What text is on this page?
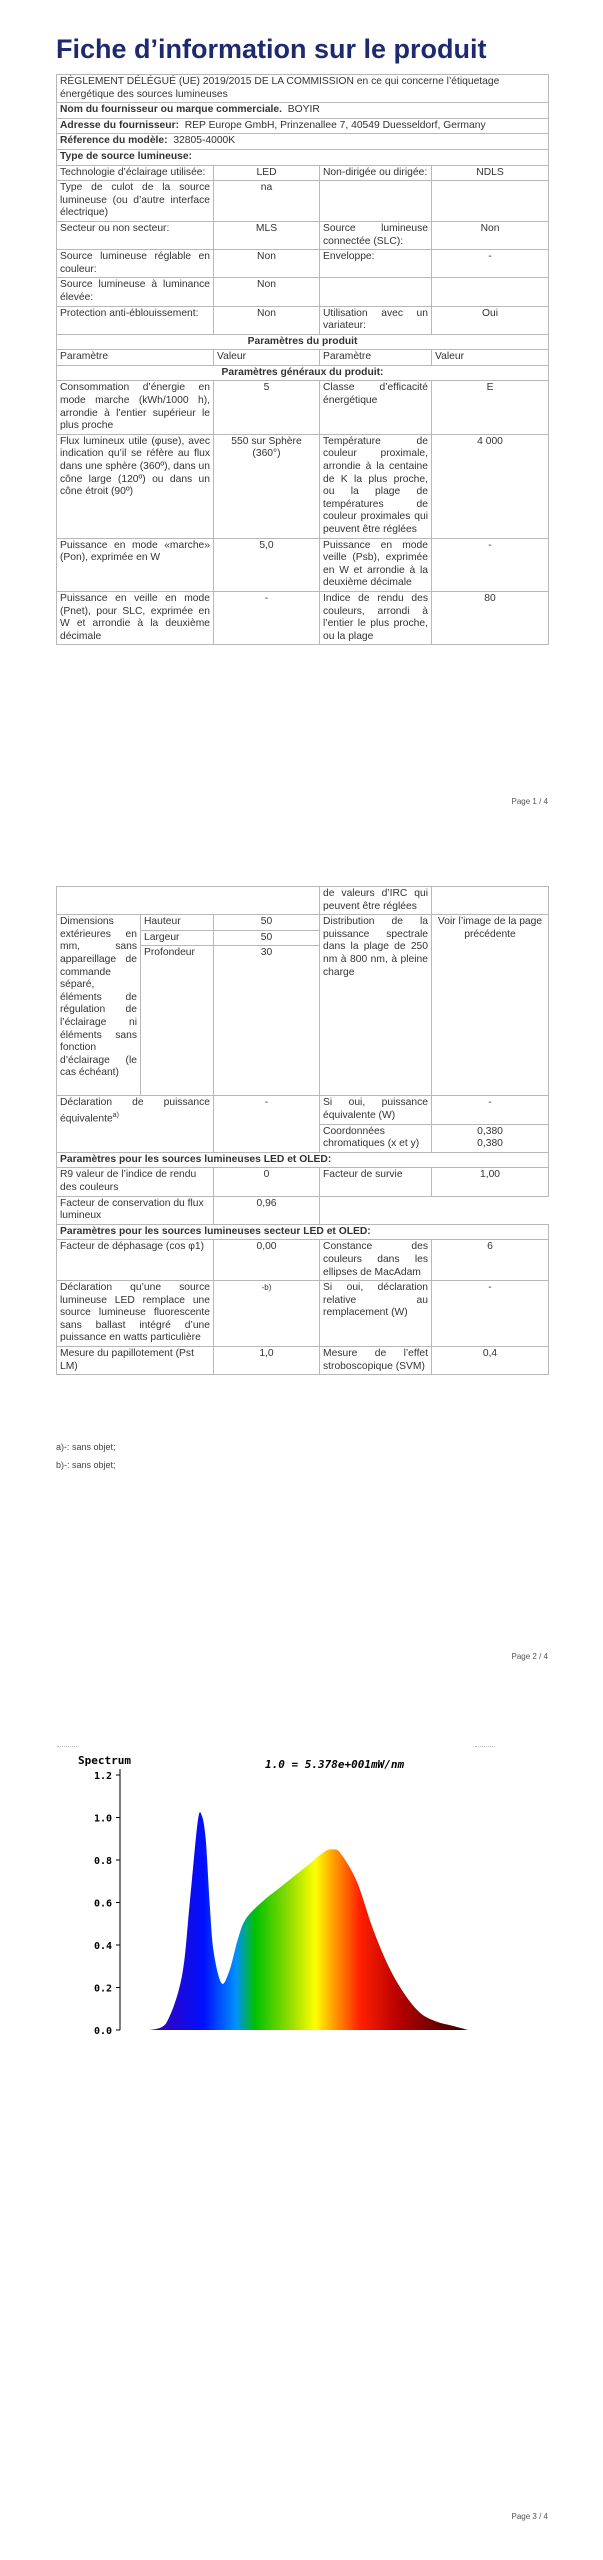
Fiche d’information sur le produit
RÈGLEMENT DÉLÉGUÉ (UE) 2019/2015 DE LA COMMISSION en ce qui concerne l’étiquetage énergétique des sources lumineuses			
Nom du fournisseur ou marque commerciale. BOYIR			
Adresse du fournisseur: REP Europe GmbH, Prinzenallee 7, 40549 Duesseldorf, Germany			
Réference du modèle: 32805-4000K			
Type de source lumineuse:			
Technologie d’éclairage utilisée:	LED	Non-dirigée ou dirigée:	NDLS
Type de culot de la source lumineuse (ou d’autre interface électrique)	na		
Secteur ou non secteur:	MLS	Source lumineuse connectée (SLC):	Non
Source lumineuse réglable en couleur:	Non	Enveloppe:	-
Source lumineuse à luminance élevée:	Non		
Protection anti-éblouissement:	Non	Utilisation avec un variateur:	Oui
Paramètres du produit			
Paramètre	Valeur	Paramètre	Valeur
Paramètres généraux du produit:			
Consommation d’énergie en mode marche (kWh/1000 h), arrondie à l’entier supérieur le plus proche	5	Classe d’efficacité énergétique	E
Flux lumineux utile (φuse), avec indication qu’il se réfère au flux dans une sphère (360º), dans un cône large (120º) ou dans un cône étroit (90º)	550 sur Sphère (360°)	Température de couleur proximale, arrondie à la centaine de K la plus proche, ou la plage de températures de couleur proximales qui peuvent être réglées	4 000
Puissance en mode «marche» (Pon), exprimée en W	5,0	Puissance en mode veille (Psb), exprimée en W et arrondie à la deuxième décimale	-
Puissance en veille en mode (Pnet), pour SLC, exprimée en W et arrondie à la deuxième décimale	-	Indice de rendu des couleurs, arrondi à l’entier le plus proche, ou la plage	80
Page 1 / 4
			de valeurs d’IRC qui peuvent être réglées	
Dimensions extérieures en mm, sans appareillage de commande séparé, éléments de régulation de l’éclairage ni éléments sans fonction d’éclairage (le cas échéant)	Hauteur	50	Distribution de la puissance spectrale dans la plage de 250 nm à 800 nm, à pleine charge	Voir l’image de la page précédente
	Largeur	50		
	Profondeur	30		
Déclaration de puissance équivalente$^{a)}$		-	Si oui, puissance équivalente (W)	-
			Coordonnées chromatiques (x et y)	0,380
0,380

Paramètres pour les sources lumineuses LED et OLED:				
R9 valeur de l’indice de rendu des couleurs		0	Facteur de survie	1,00
Facteur de conservation du flux lumineux		0,96		
Paramètres pour les sources lumineuses secteur LED et OLED:				
Facteur de déphasage (cos φ1)		0,00	Constance des couleurs dans les ellipses de MacAdam	6
Déclaration qu’une source lumineuse LED remplace une source lumineuse fluorescente sans ballast intégré d’une puissance en watts particulière		-b)	Si oui, déclaration relative au remplacement (W)	-
Mesure du papillotement (Pst LM)		1,0	Mesure de l’effet stroboscopique (SVM)	0,4
a)-: sans objet;
b)-: sans objet;
Page 2 / 4
Spectrum	1.0 = 5.378e+001mW/nm
0.0
0.2
0.4
0.6
0.8
1.0
1.2
Page 3 / 4
